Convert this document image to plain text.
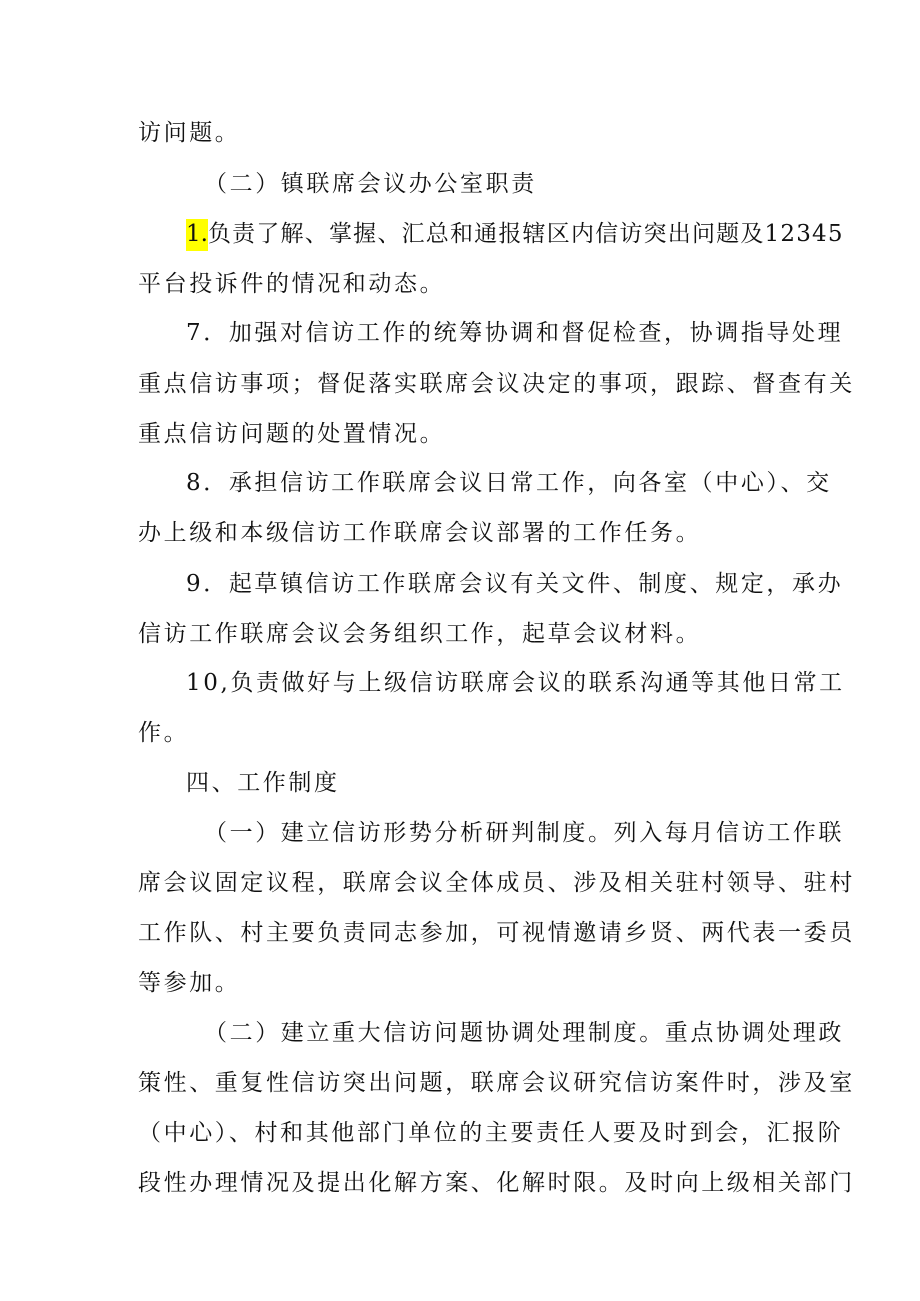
访问题。
（二）镇联席会议办公室职责
1.负责了解、掌握、汇总和通报辖区内信访突出问题及12345
平台投诉件的情况和动态。
7．加强对信访工作的统筹协调和督促检查，协调指导处理
重点信访事项；督促落实联席会议决定的事项，跟踪、督查有关
重点信访问题的处置情况。
8．承担信访工作联席会议日常工作，向各室（中心）、交
办上级和本级信访工作联席会议部署的工作任务。
9．起草镇信访工作联席会议有关文件、制度、规定，承办
信访工作联席会议会务组织工作，起草会议材料。
10,负责做好与上级信访联席会议的联系沟通等其他日常工
作。
四、工作制度
（一）建立信访形势分析研判制度。列入每月信访工作联
席会议固定议程，联席会议全体成员、涉及相关驻村领导、驻村
工作队、村主要负责同志参加，可视情邀请乡贤、两代表一委员
等参加。
（二）建立重大信访问题协调处理制度。重点协调处理政
策性、重复性信访突出问题，联席会议研究信访案件时，涉及室
（中心）、村和其他部门单位的主要责任人要及时到会，汇报阶
段性办理情况及提出化解方案、化解时限。及时向上级相关部门
